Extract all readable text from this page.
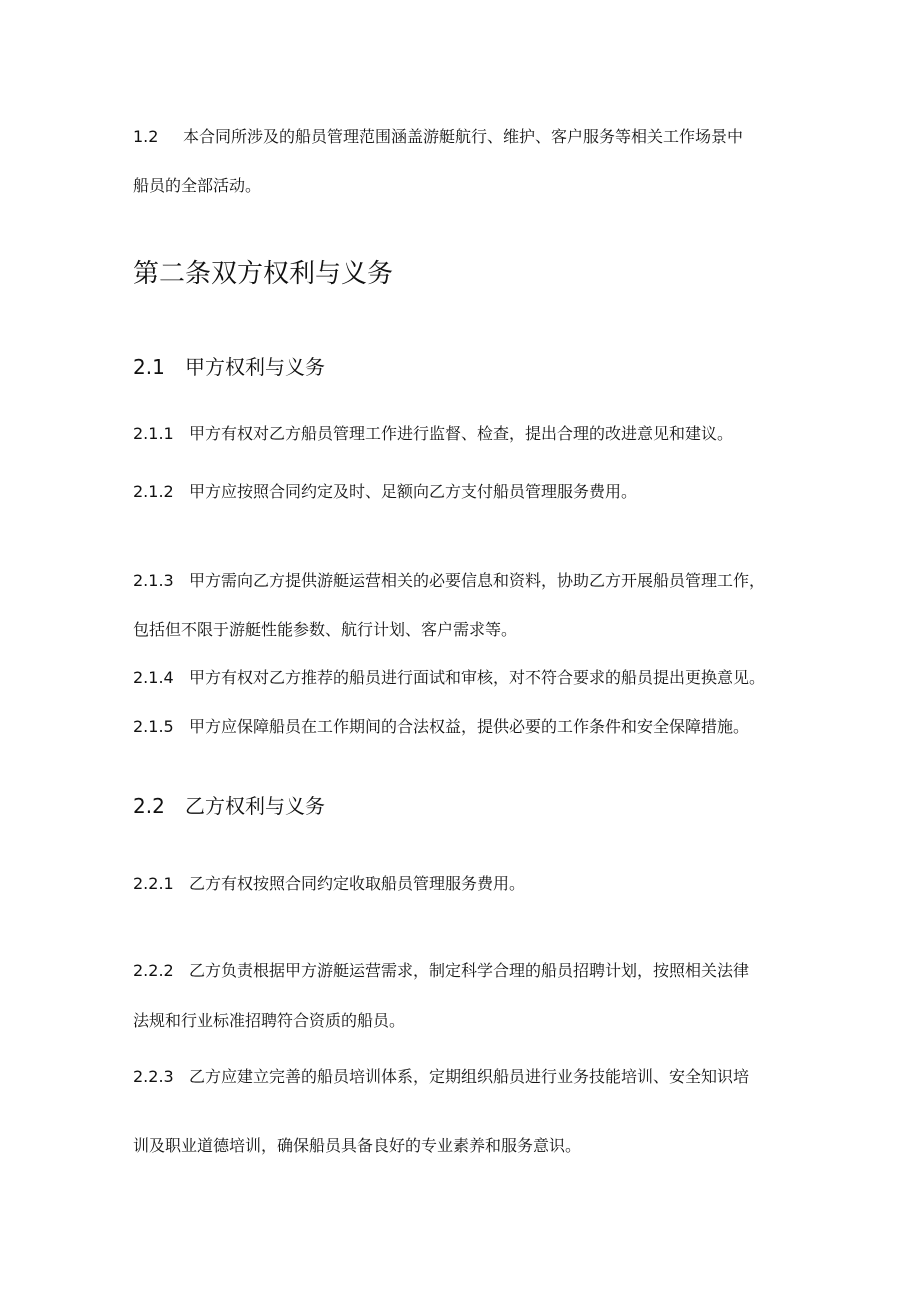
1.2 本合同所涉及的船员管理范围涵盖游艇航行、维护、客户服务等相关工作场景中
船员的全部活动。
第二条双方权利与义务
2.1 甲方权利与义务
2.1.1 甲方有权对乙方船员管理工作进行监督、检查，提出合理的改进意见和建议。
2.1.2 甲方应按照合同约定及时、足额向乙方支付船员管理服务费用。
2.1.3 甲方需向乙方提供游艇运营相关的必要信息和资料，协助乙方开展船员管理工作，
包括但不限于游艇性能参数、航行计划、客户需求等。
2.1.4 甲方有权对乙方推荐的船员进行面试和审核，对不符合要求的船员提出更换意见。
2.1.5 甲方应保障船员在工作期间的合法权益，提供必要的工作条件和安全保障措施。
2.2 乙方权利与义务
2.2.1 乙方有权按照合同约定收取船员管理服务费用。
2.2.2 乙方负责根据甲方游艇运营需求，制定科学合理的船员招聘计划，按照相关法律
法规和行业标准招聘符合资质的船员。
2.2.3 乙方应建立完善的船员培训体系，定期组织船员进行业务技能培训、安全知识培
训及职业道德培训，确保船员具备良好的专业素养和服务意识。
